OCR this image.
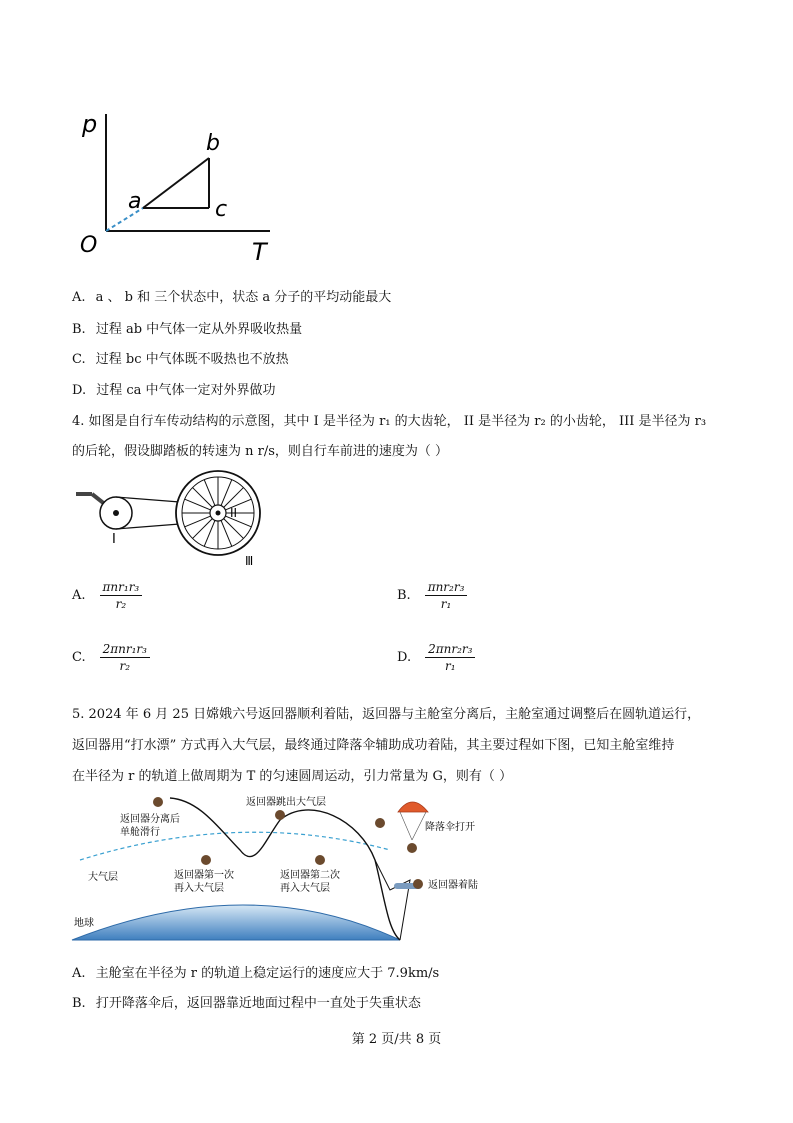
p
T
O
a
b
c
A. a 、 b 和 三个状态中，状态 a 分子的平均动能最大
B. 过程 ab 中气体一定从外界吸收热量
C. 过程 bc 中气体既不吸热也不放热
D. 过程 ca 中气体一定对外界做功
4. 如图是自行车传动结构的示意图，其中 I 是半径为 r₁ 的大齿轮， II 是半径为 r₂ 的小齿轮， III 是半径为 r₃
的后轮，假设脚踏板的转速为 n r/s，则自行车前进的速度为（ ）
I
II
Ⅲ
A. $\frac{\text{πnr₁r₃}}{\text{r₂}}$	B. $\frac{\text{πnr₂r₃}}{\text{r₁}}$
C. $\frac{\text{2πnr₁r₃}}{\text{r₂}}$	D. $\frac{\text{2πnr₂r₃}}{\text{r₁}}$
5. 2024 年 6 月 25 日嫦娥六号返回器顺利着陆，返回器与主舱室分离后，主舱室通过调整后在圆轨道运行，
返回器用“打水漂” 方式再入大气层，最终通过降落伞辅助成功着陆，其主要过程如下图，已知主舱室维持
在半径为 r 的轨道上做周期为 T 的匀速圆周运动，引力常量为 G，则有（ ）
返回器分离后
单舱滑行
返回器跳出大气层
降落伞打开
大气层	返回器第一次
再入大气层
返回器第二次
再入大气层	返回器着陆
地球
A. 主舱室在半径为 r 的轨道上稳定运行的速度应大于 7.9km/s
B. 打开降落伞后，返回器靠近地面过程中一直处于失重状态
第 2 页/共 8 页
